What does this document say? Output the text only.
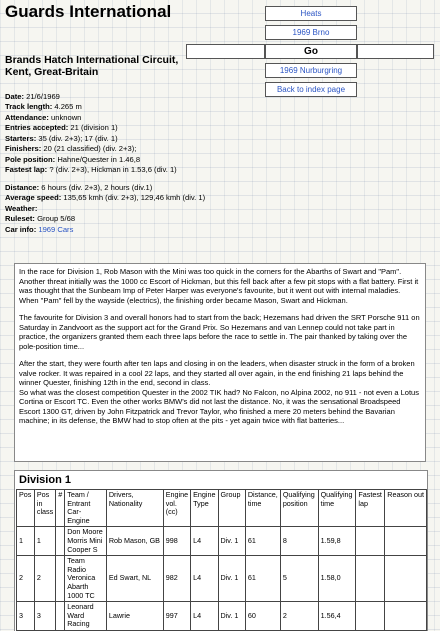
Guards International
Brands Hatch International Circuit, Kent, Great-Britain
Heats
1969 Brno
Go
1969 Nurburgring
Back to index page
Date: 21/6/1969
Track length: 4.265 m
Attendance: unknown
Entries accepted: 21 (division 1)
Starters: 35 (div. 2+3); 17 (div. 1)
Finishers: 20 (21 classified) (div. 2+3);
Pole position: Hahne/Quester in 1.46,8
Fastest lap: ? (div. 2+3), Hickman in 1.53,6 (div. 1)
Distance: 6 hours (div. 2+3), 2 hours (div.1)
Average speed: 135,65 kmh (div. 2+3), 129,46 kmh (div. 1)
Weather:
Ruleset: Group 5/68
Car info: 1969 Cars

In the race for Division 1, Rob Mason with the Mini was too quick in the corners for the Abarths of Swart and "Pam". Another threat initially was the 1000 cc Escort of Hickman, but this fell back after a few pit stops with a flat battery. First it was thought that the Sunbeam Imp of Peter Harper was everyone's favourite, but it went out with internal maladies. When "Pam" fell by the wayside (electrics), the finishing order became Mason, Swart and Hickman.

The favourite for Division 3 and overall honors had to start from the back; Hezemans had driven the SRT Porsche 911 on Saturday in Zandvoort as the support act for the Grand Prix. So Hezemans and van Lennep could not take part in practice, the organizers granted them each three laps before the race to settle in. The pair thanked by taking over the pole-position time...

After the start, they were fourth after ten laps and closing in on the leaders, when disaster struck in the form of a broken valve rocker. It was repaired in a cool 22 laps, and they started all over again, in the end finishing 21 laps behind the winner Quester, finishing 12th in the end, second in class.
So what was the closest competition Quester in the 2002 TIK had? No Falcon, no Alpina 2002, no 911 - not even a Lotus Cortina or Escort TC. Even the other works BMW's did not last the distance. No, it was the sensational Broadspeed Escort 1300 GT, driven by John Fitzpatrick and Trevor Taylor, who finished a mere 20 meters behind the Bavarian machine; in its defense, the BMW had to stop often at the pits - yet again twice with flat batteries...

Division 1
Pos	Pos in class	#	Team / Entrant Car- Engine	Drivers, Nationality	Engine vol. (cc)	Engine Type	Group	Distance, time	Qualifying position	Qualifying time	Fastest lap	Reason out
1	1		Don Moore Morris Mini Cooper S	Rob Mason, GB	998	L4	Div. 1	61	8	1.59,8		
2	2		Team Radio Veronica Abarth 1000 TC	Ed Swart, NL	982	L4	Div. 1	61	5	1.58,0		
3	3		Leonard Ward Racing	Lawrie	997	L4	Div. 1	60	2	1.56,4		
